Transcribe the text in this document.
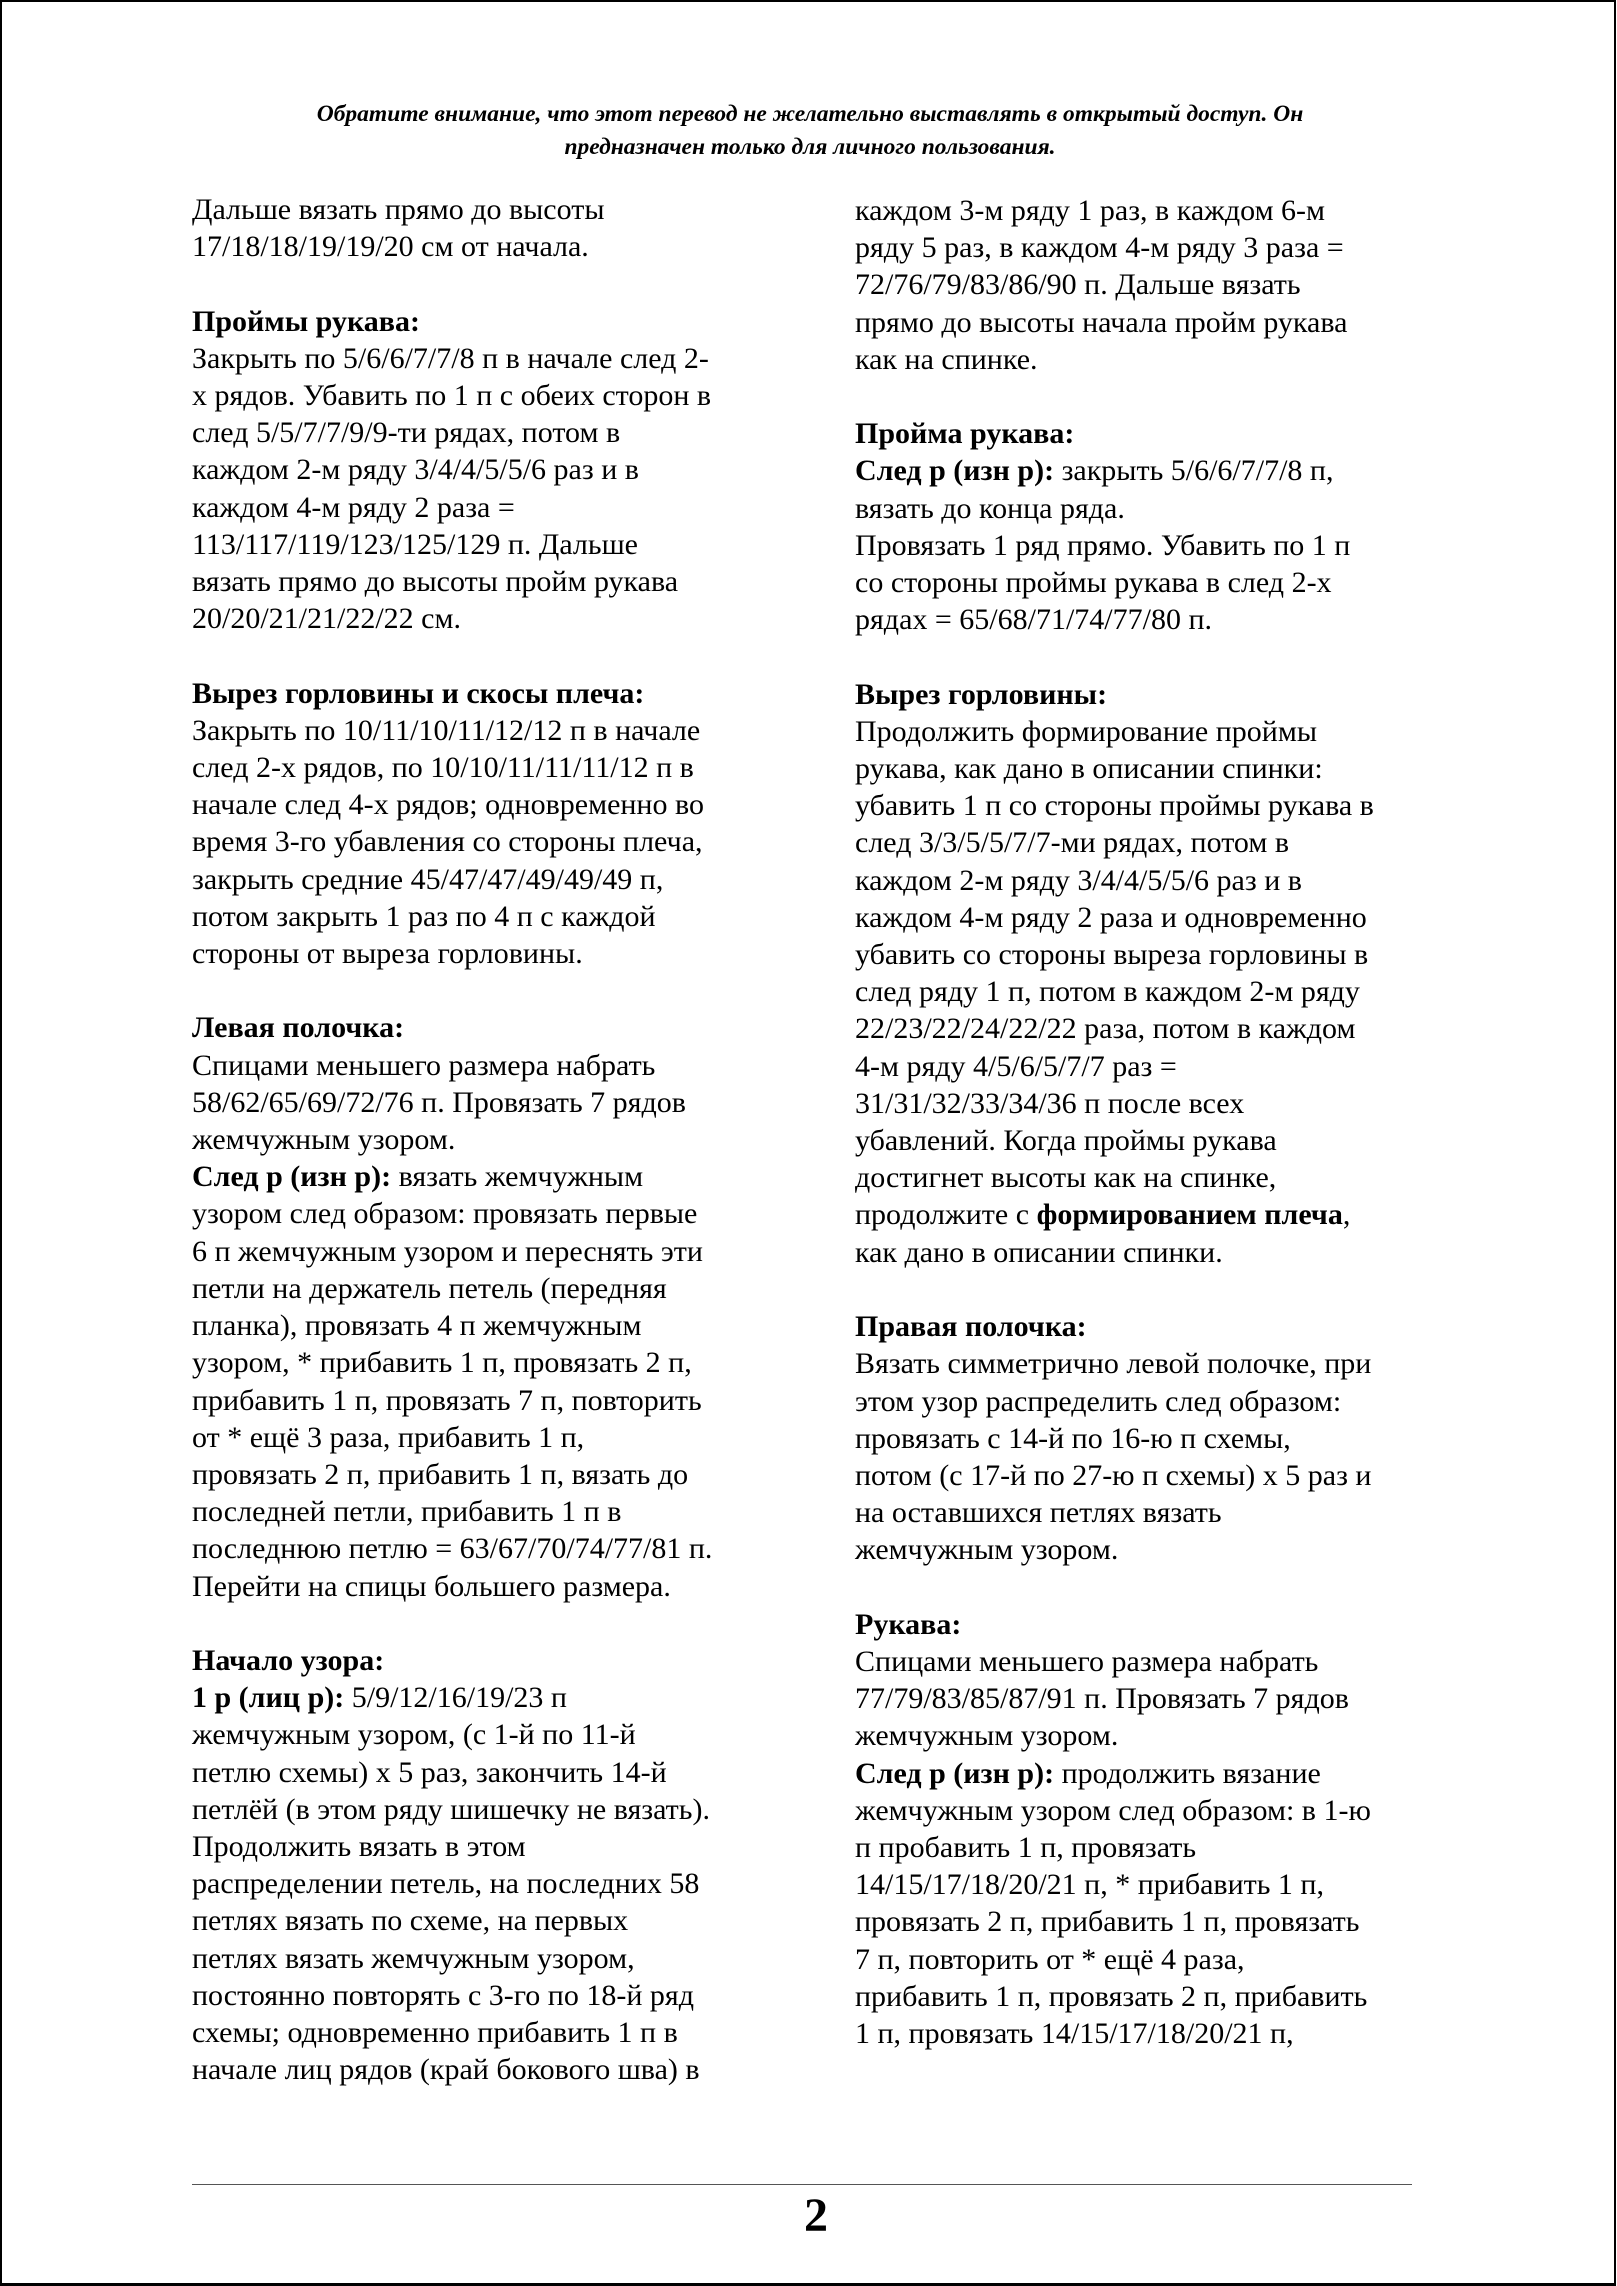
Обратите внимание, что этот перевод не желательно выставлять в открытый доступ. Он
предназначен только для личного пользования.
Дальше вязать прямо до высоты
17/18/18/19/19/20 см от начала.

Проймы рукава:
Закрыть по 5/6/6/7/7/8 п в начале след 2-
х рядов. Убавить по 1 п с обеих сторон в
след 5/5/7/7/9/9-ти рядах, потом в
каждом 2-м ряду 3/4/4/5/5/6 раз и в
каждом 4-м ряду 2 раза =
113/117/119/123/125/129 п. Дальше
вязать прямо до высоты пройм рукава
20/20/21/21/22/22 см.

Вырез горловины и скосы плеча:
Закрыть по 10/11/10/11/12/12 п в начале
след 2-х рядов, по 10/10/11/11/11/12 п в
начале след 4-х рядов; одновременно во
время 3-го убавления со стороны плеча,
закрыть средние 45/47/47/49/49/49 п,
потом закрыть 1 раз по 4 п с каждой
стороны от выреза горловины.

Левая полочка:
Спицами меньшего размера набрать
58/62/65/69/72/76 п. Провязать 7 рядов
жемчужным узором.
След р (изн р): вязать жемчужным
узором след образом: провязать первые
6 п жемчужным узором и переснять эти
петли на держатель петель (передняя
планка), провязать 4 п жемчужным
узором, * прибавить 1 п, провязать 2 п,
прибавить 1 п, провязать 7 п, повторить
от * ещё 3 раза, прибавить 1 п,
провязать 2 п, прибавить 1 п, вязать до
последней петли, прибавить 1 п в
последнюю петлю = 63/67/70/74/77/81 п.
Перейти на спицы большего размера.

Начало узора:
1 р (лиц р): 5/9/12/16/19/23 п
жемчужным узором, (с 1-й по 11-й
петлю схемы) х 5 раз, закончить 14-й
петлёй (в этом ряду шишечку не вязать).
Продолжить вязать в этом
распределении петель, на последних 58
петлях вязать по схеме, на первых
петлях вязать жемчужным узором,
постоянно повторять с 3-го по 18-й ряд
схемы; одновременно прибавить 1 п в
начале лиц рядов (край бокового шва) в
каждом 3-м ряду 1 раз, в каждом 6-м
ряду 5 раз, в каждом 4-м ряду 3 раза =
72/76/79/83/86/90 п. Дальше вязать
прямо до высоты начала пройм рукава
как на спинке.

Пройма рукава:
След р (изн р): закрыть 5/6/6/7/7/8 п,
вязать до конца ряда.
Провязать 1 ряд прямо. Убавить по 1 п
со стороны проймы рукава в след 2-х
рядах = 65/68/71/74/77/80 п.

Вырез горловины:
Продолжить формирование проймы
рукава, как дано в описании спинки:
убавить 1 п со стороны проймы рукава в
след 3/3/5/5/7/7-ми рядах, потом в
каждом 2-м ряду 3/4/4/5/5/6 раз и в
каждом 4-м ряду 2 раза и одновременно
убавить со стороны выреза горловины в
след ряду 1 п, потом в каждом 2-м ряду
22/23/22/24/22/22 раза, потом в каждом
4-м ряду 4/5/6/5/7/7 раз =
31/31/32/33/34/36 п после всех
убавлений. Когда проймы рукава
достигнет высоты как на спинке,
продолжите с формированием плеча,
как дано в описании спинки.

Правая полочка:
Вязать симметрично левой полочке, при
этом узор распределить след образом:
провязать с 14-й по 16-ю п схемы,
потом (с 17-й по 27-ю п схемы) х 5 раз и
на оставшихся петлях вязать
жемчужным узором.

Рукава:
Спицами меньшего размера набрать
77/79/83/85/87/91 п. Провязать 7 рядов
жемчужным узором.
След р (изн р): продолжить вязание
жемчужным узором след образом: в 1-ю
п пробавить 1 п, провязать
14/15/17/18/20/21 п, * прибавить 1 п,
провязать 2 п, прибавить 1 п, провязать
7 п, повторить от * ещё 4 раза,
прибавить 1 п, провязать 2 п, прибавить
1 п, провязать 14/15/17/18/20/21 п,
2
